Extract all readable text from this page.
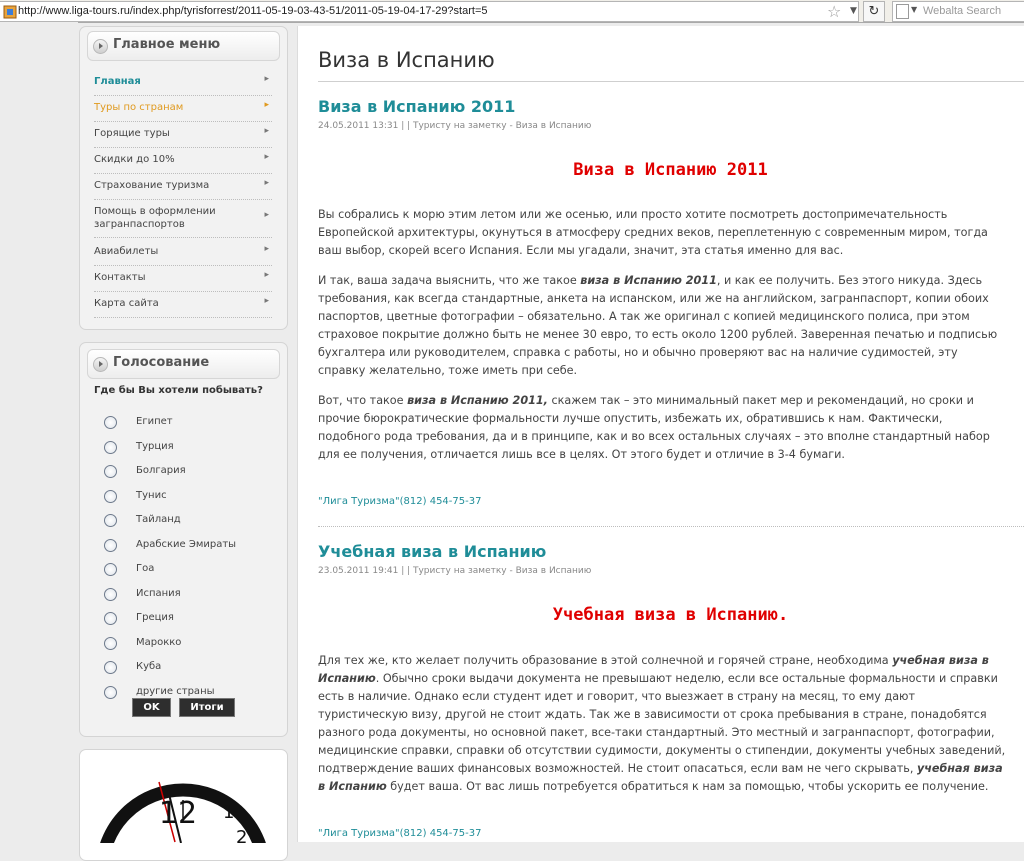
http://www.liga-tours.ru/index.php/tyrisforrest/2011-05-19-03-43-51/2011-05-19-04-17-29?start=5	☆ ▼ ↻	▼ Webalta Search
Главное меню
Главная	▸
Туры по странам	▸
Горящие туры	▸
Скидки до 10%	▸
Страхование туризма	▸
Помощь в оформлении
загранпаспортов
▸
Авиабилеты	▸
Контакты	▸
Карта сайта	▸
Голосование
Где бы Вы хотели побывать?
Египет
Турция
Болгария
Тунис
Тайланд
Арабские Эмираты
Гоа
Испания
Греция
Марокко
Куба
другие страны
OK	Итоги
12 1
2
Виза в Испанию
Виза в Испанию 2011
24.05.2011 13:31 | | Туристу на заметку - Виза в Испанию
Виза в Испанию 2011
Вы собрались к морю этим летом или же осенью, или просто хотите посмотреть достопримечательность Европейской архитектуры, окунуться в атмосферу средних веков, переплетенную с современным миром, тогда ваш выбор, скорей всего Испания. Если мы угадали, значит, эта статья именно для вас.
И так, ваша задача выяснить, что же такое виза в Испанию 2011, и как ее получить. Без этого никуда. Здесь требования, как всегда стандартные, анкета на испанском, или же на английском, загранпаспорт, копии обоих паспортов, цветные фотографии – обязательно. А так же оригинал с копией медицинского полиса, при этом страховое покрытие должно быть не менее 30 евро, то есть около 1200 рублей. Заверенная печатью и подписью бухгалтера или руководителем, справка с работы, но и обычно проверяют вас на наличие судимостей, эту справку желательно, тоже иметь при себе.
Вот, что такое виза в Испанию 2011, скажем так – это минимальный пакет мер и рекомендаций, но сроки и прочие бюрократические формальности лучше опустить, избежать их, обратившись к нам. Фактически, подобного рода требования, да и в принципе, как и во всех остальных случаях – это вполне стандартный набор для ее получения, отличается лишь все в целях. От этого будет и отличие в 3-4 бумаги.
"Лига Туризма"(812) 454-75-37
Учебная виза в Испанию
23.05.2011 19:41 | | Туристу на заметку - Виза в Испанию
Учебная виза в Испанию.
Для тех же, кто желает получить образование в этой солнечной и горячей стране, необходима учебная виза в Испанию. Обычно сроки выдачи документа не превышают неделю, если все остальные формальности и справки есть в наличие. Однако если студент идет и говорит, что выезжает в страну на месяц, то ему дают туристическую визу, другой не стоит ждать. Так же в зависимости от срока пребывания в стране, понадобятся разного рода документы, но основной пакет, все-таки стандартный. Это местный и загранпаспорт, фотографии, медицинские справки, справки об отсутствии судимости, документы о стипендии, документы учебных заведений, подтверждение ваших финансовых возможностей. Не стоит опасаться, если вам не чего скрывать, учебная виза в Испанию будет ваша. От вас лишь потребуется обратиться к нам за помощью, чтобы ускорить ее получение.
"Лига Туризма"(812) 454-75-37
